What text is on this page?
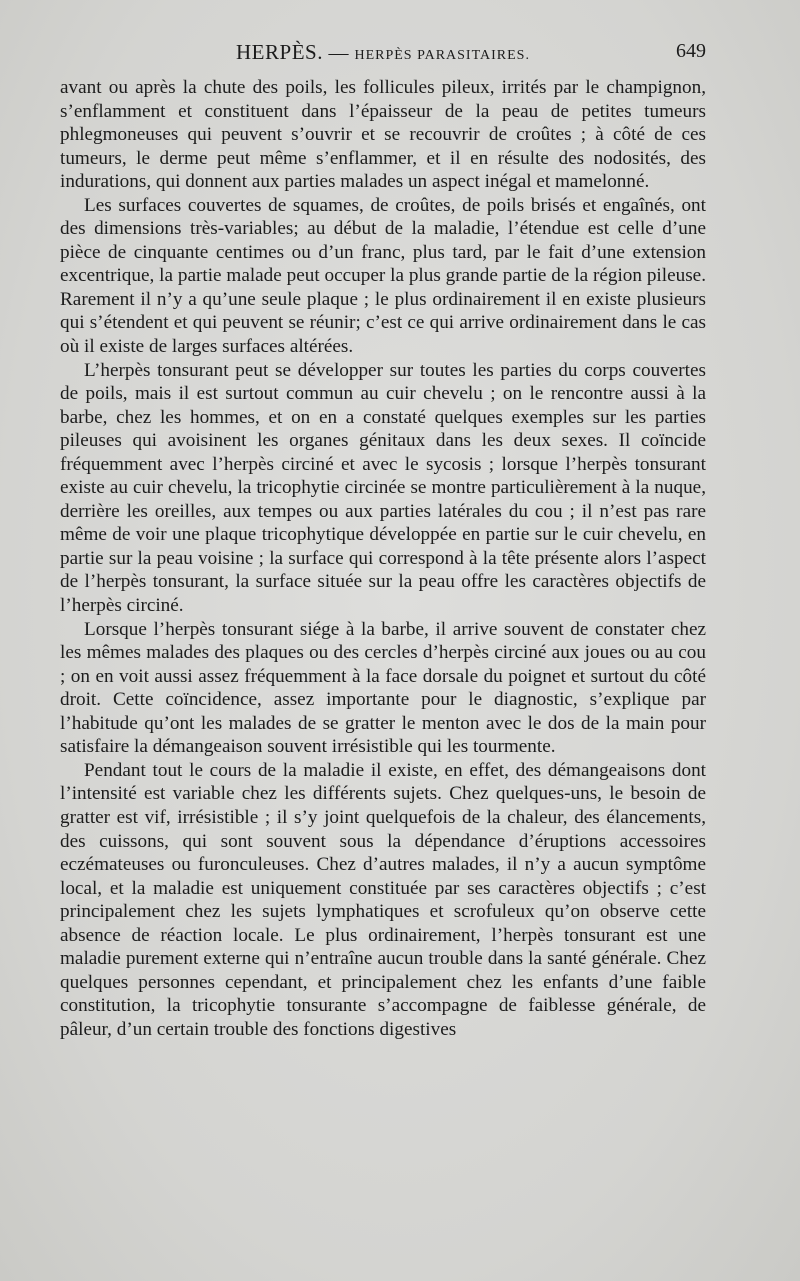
HERPÈS. — HERPÈS PARASITAIRES.	649

avant ou après la chute des poils, les follicules pileux, irrités par le champignon, s’enflamment et constituent dans l’épaisseur de la peau de petites tumeurs phlegmoneuses qui peuvent s’ouvrir et se recouvrir de croûtes ; à côté de ces tumeurs, le derme peut même s’enflammer, et il en résulte des nodosités, des indurations, qui donnent aux parties malades un aspect inégal et mamelonné.

Les surfaces couvertes de squames, de croûtes, de poils brisés et engaînés, ont des dimensions très-variables; au début de la maladie, l’étendue est celle d’une pièce de cinquante centimes ou d’un franc, plus tard, par le fait d’une extension excentrique, la partie malade peut occuper la plus grande partie de la région pileuse. Rarement il n’y a qu’une seule plaque ; le plus ordinairement il en existe plusieurs qui s’étendent et qui peuvent se réunir; c’est ce qui arrive ordinairement dans le cas où il existe de larges surfaces altérées.

L’herpès tonsurant peut se développer sur toutes les parties du corps couvertes de poils, mais il est surtout commun au cuir chevelu ; on le rencontre aussi à la barbe, chez les hommes, et on en a constaté quelques exemples sur les parties pileuses qui avoisinent les organes génitaux dans les deux sexes. Il coïncide fréquemment avec l’herpès circiné et avec le sycosis ; lorsque l’herpès tonsurant existe au cuir chevelu, la tricophytie circinée se montre particulièrement à la nuque, derrière les oreilles, aux tempes ou aux parties latérales du cou ; il n’est pas rare même de voir une plaque tricophytique développée en partie sur le cuir chevelu, en partie sur la peau voisine ; la surface qui correspond à la tête présente alors l’aspect de l’herpès tonsurant, la surface située sur la peau offre les caractères objectifs de l’herpès circiné.

Lorsque l’herpès tonsurant siége à la barbe, il arrive souvent de constater chez les mêmes malades des plaques ou des cercles d’herpès circiné aux joues ou au cou ; on en voit aussi assez fréquemment à la face dorsale du poignet et surtout du côté droit. Cette coïncidence, assez importante pour le diagnostic, s’explique par l’habitude qu’ont les malades de se gratter le menton avec le dos de la main pour satisfaire la démangeaison souvent irrésistible qui les tourmente.

Pendant tout le cours de la maladie il existe, en effet, des démangeaisons dont l’intensité est variable chez les différents sujets. Chez quelques-uns, le besoin de gratter est vif, irrésistible ; il s’y joint quelquefois de la chaleur, des élancements, des cuissons, qui sont souvent sous la dépendance d’éruptions accessoires eczémateuses ou furonculeuses. Chez d’autres malades, il n’y a aucun symptôme local, et la maladie est uniquement constituée par ses caractères objectifs ; c’est principalement chez les sujets lymphatiques et scrofuleux qu’on observe cette absence de réaction locale. Le plus ordinairement, l’herpès tonsurant est une maladie purement externe qui n’entraîne aucun trouble dans la santé générale. Chez quelques personnes cependant, et principalement chez les enfants d’une faible constitution, la tricophytie tonsurante s’accompagne de faiblesse générale, de pâleur, d’un certain trouble des fonctions digestives
